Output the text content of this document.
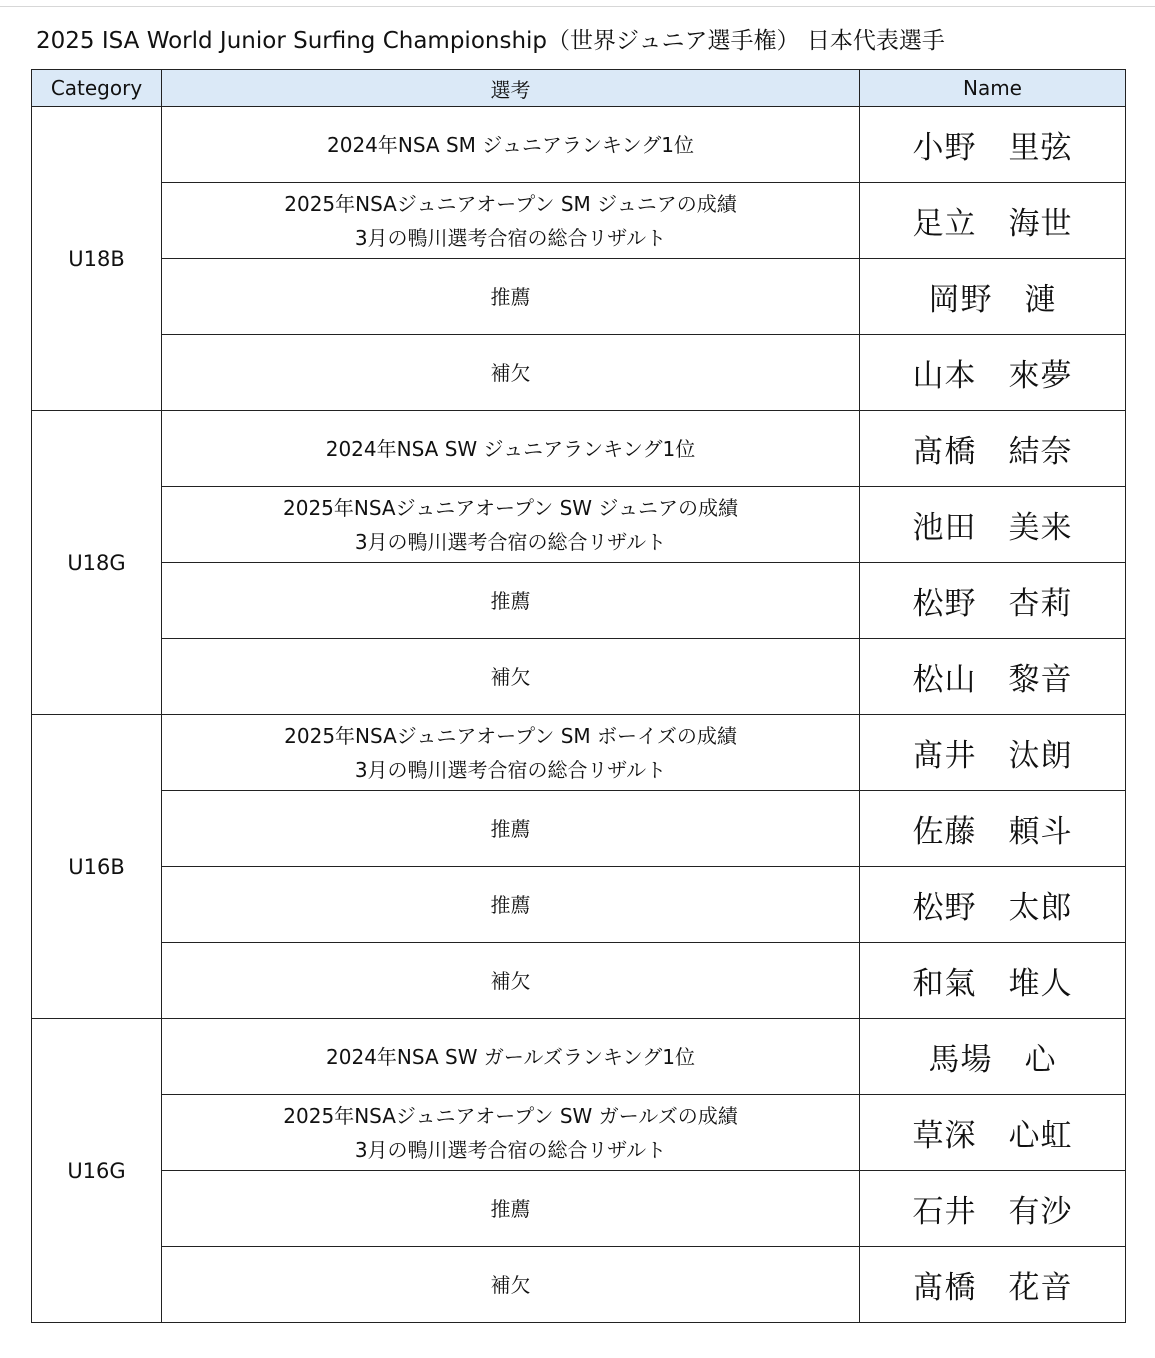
2025 ISA World Junior Surfing Championship（世界ジュニア選手権） 日本代表選手
Category	選考	Name
U18B	2024年NSA SM ジュニアランキング1位	小野　里弦

	2025年NSAジュニアオープン SM ジュニアの成績
3月の鴨川選考合宿の総合リザルト	足立　海世

	推薦	岡野　漣

	補欠	山本　來夢
U18G	2024年NSA SW ジュニアランキング1位	髙橋　結奈

	2025年NSAジュニアオープン SW ジュニアの成績
3月の鴨川選考合宿の総合リザルト	池田　美来

	推薦	松野　杏莉

	補欠	松山　黎音
U16B	2025年NSAジュニアオープン SM ボーイズの成績
3月の鴨川選考合宿の総合リザルト	髙井　汰朗

	推薦	佐藤　頼斗

	推薦	松野　太郎

	補欠	和氣　堆人
U16G	2024年NSA SW ガールズランキング1位	馬場　心

	2025年NSAジュニアオープン SW ガールズの成績
3月の鴨川選考合宿の総合リザルト	草深　心虹

	推薦	石井　有沙

	補欠	髙橋　花音
